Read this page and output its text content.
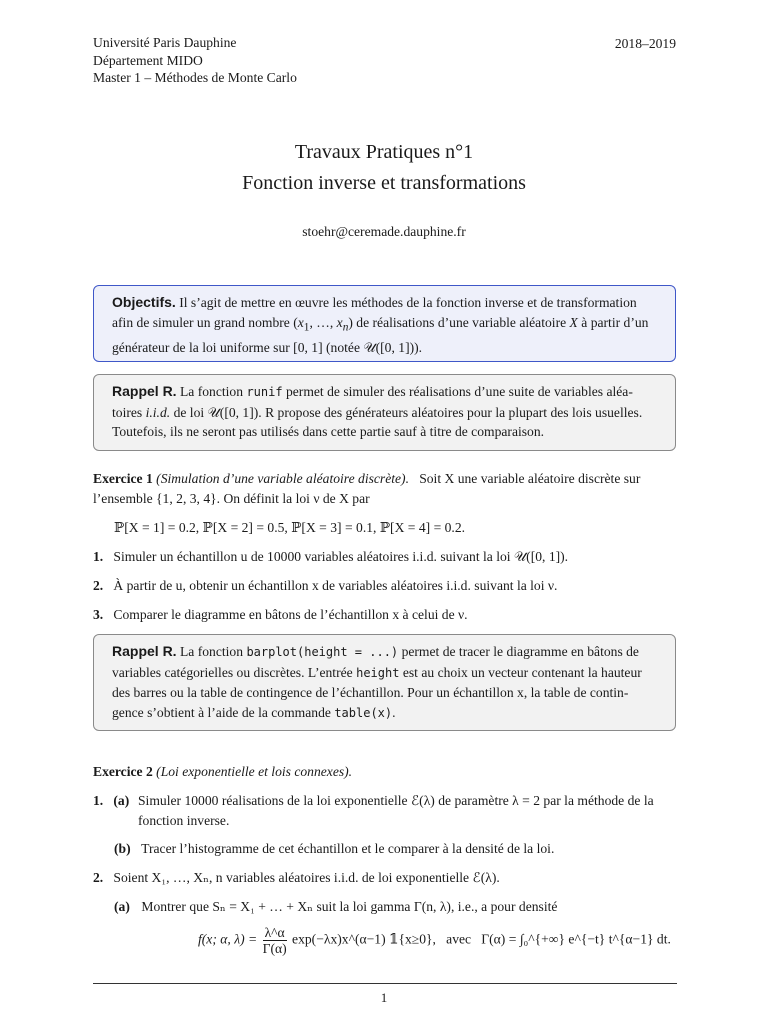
Université Paris Dauphine
Département MIDO
Master 1 – Méthodes de Monte Carlo
2018–2019
Travaux Pratiques n°1
Fonction inverse et transformations
stoehr@ceremade.dauphine.fr
Objectifs. Il s’agit de mettre en œuvre les méthodes de la fonction inverse et de transformation afin de simuler un grand nombre ($x_1$, …, $x_n$) de réalisations d’une variable aléatoire X à partir d’un générateur de la loi uniforme sur [0, 1] (notée 𝒰([0, 1])).
Rappel R. La fonction runif permet de simuler des réalisations d’une suite de variables aléa-toires i.i.d. de loi 𝒰([0, 1]). R propose des générateurs aléatoires pour la plupart des lois usuelles. Toutefois, ils ne seront pas utilisés dans cette partie sauf à titre de comparaison.
Exercice 1 (Simulation d’une variable aléatoire discrète). Soit X une variable aléatoire discrète sur l’ensemble {1, 2, 3, 4}. On définit la loi ν de X par
ℙ[X = 1] = 0.2, ℙ[X = 2] = 0.5, ℙ[X = 3] = 0.1, ℙ[X = 4] = 0.2.
1. Simuler un échantillon u de 10000 variables aléatoires i.i.d. suivant la loi 𝒰([0, 1]).
2. À partir de u, obtenir un échantillon x de variables aléatoires i.i.d. suivant la loi ν.
3. Comparer le diagramme en bâtons de l’échantillon x à celui de ν.
Rappel R. La fonction barplot(height = ...) permet de tracer le diagramme en bâtons de variables catégorielles ou discrètes. L’entrée height est au choix un vecteur contenant la hauteur des barres ou la table de contingence de l’échantillon. Pour un échantillon x, la table de contin-gence s’obtient à l’aide de la commande table(x).
Exercice 2 (Loi exponentielle et lois connexes).
1. (a) Simuler 10000 réalisations de la loi exponentielle ℰ(λ) de paramètre λ = 2 par la méthode de la fonction inverse.
(b) Tracer l’histogramme de cet échantillon et le comparer à la densité de la loi.
2. Soient X₁, …, Xₙ, n variables aléatoires i.i.d. de loi exponentielle ℰ(λ).
(a) Montrer que Sₙ = X₁ + … + Xₙ suit la loi gamma Γ(n, λ), i.e., a pour densité
f(x; α, $\lambda) = \frac{\lambda\^{}\alpha}{\Gamma(\alpha)}$ exp(−λx)x^(α−1) 𝟙{x≥0}, avec Γ(α) = ∫₀^{+∞} e^{−t} t^{α−1} dt.
1
